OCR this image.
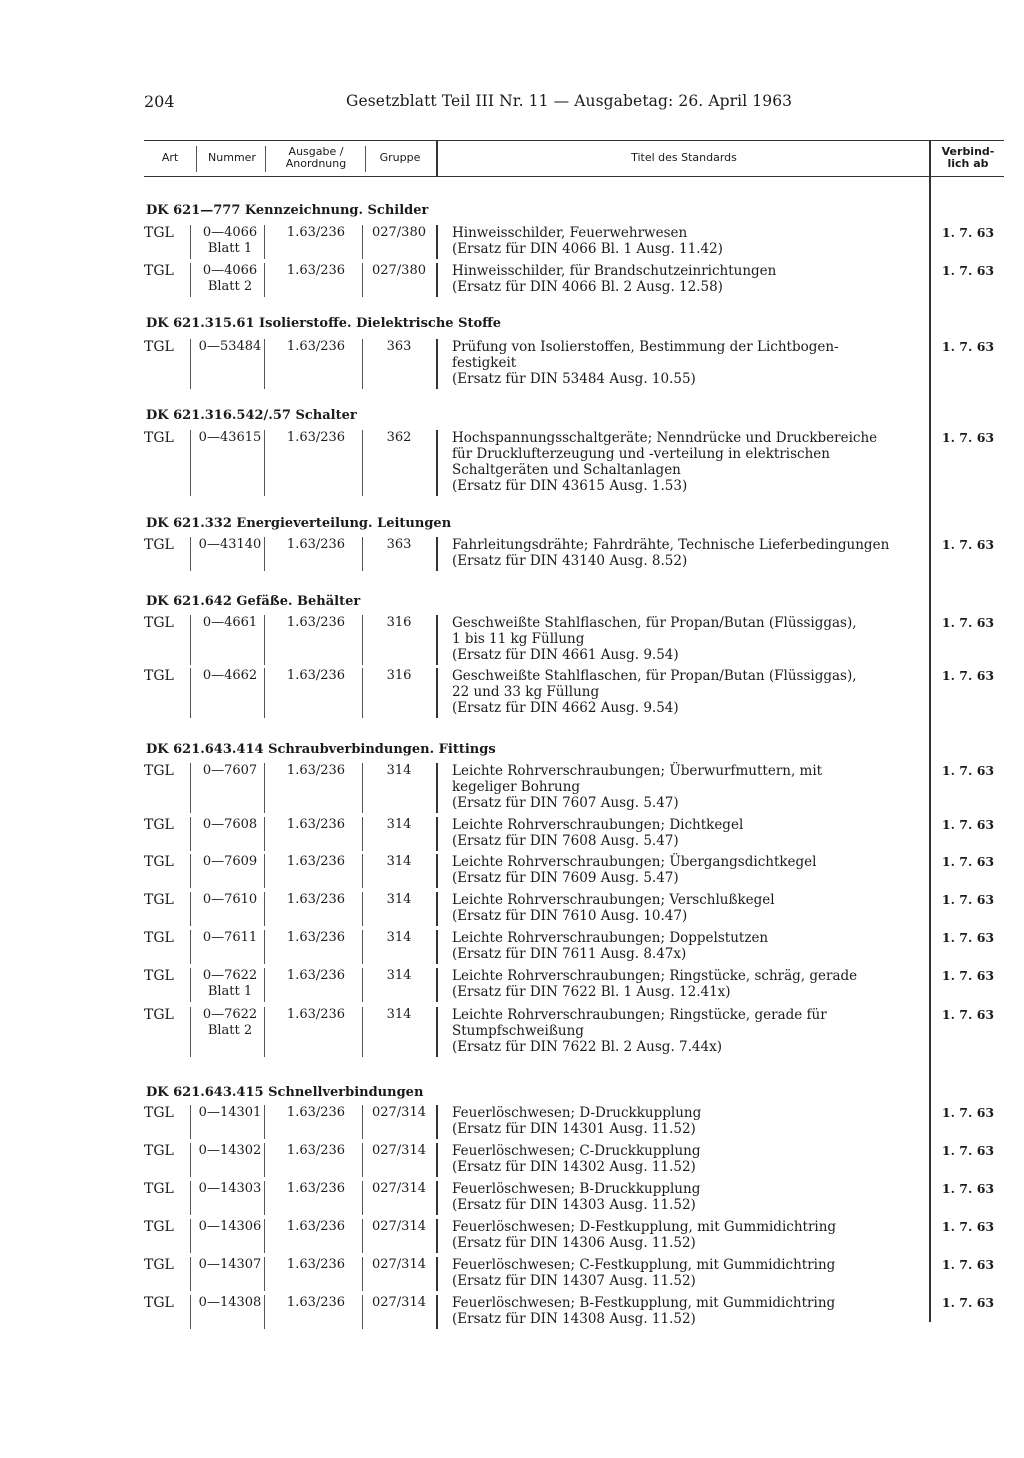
204	Gesetzblatt Teil III Nr. 11 — Ausgabetag: 26. April 1963
Art	Nummer	Ausgabe /
Anordnung	Gruppe	Titel des Standards	Verbind-
lich ab
DK 621—777 Kennzeichnung. Schilder
TGL	0—4066
Blatt 1
1.63/236	027/380 Hinweisschilder, Feuerwehrwesen
(Ersatz für DIN 4066 Bl. 1 Ausg. 11.42)
1. 7. 63
TGL	0—4066
Blatt 2
1.63/236	027/380 Hinweisschilder, für Brandschutzeinrichtungen
(Ersatz für DIN 4066 Bl. 2 Ausg. 12.58)
1. 7. 63
DK 621.315.61 Isolierstoffe. Dielektrische Stoffe
TGL 0—53484	1.63/236	363	Prüfung von Isolierstoffen, Bestimmung der Lichtbogen-
festigkeit
(Ersatz für DIN 53484 Ausg. 10.55)
1. 7. 63
DK 621.316.542/.57 Schalter
TGL 0—43615	1.63/236	362	Hochspannungsschaltgeräte; Nenndrücke und Druckbereiche
für Drucklufterzeugung und -verteilung in elektrischen
Schaltgeräten und Schaltanlagen
(Ersatz für DIN 43615 Ausg. 1.53)
1. 7. 63
DK 621.332 Energieverteilung. Leitungen
TGL 0—43140	1.63/236	363	Fahrleitungsdrähte; Fahrdrähte, Technische Lieferbedingungen
(Ersatz für DIN 43140 Ausg. 8.52)
1. 7. 63
DK 621.642 Gefäße. Behälter
TGL	0—4661	1.63/236	316	Geschweißte Stahlflaschen, für Propan/Butan (Flüssiggas),
1 bis 11 kg Füllung
(Ersatz für DIN 4661 Ausg. 9.54)
1. 7. 63
TGL	0—4662	1.63/236	316	Geschweißte Stahlflaschen, für Propan/Butan (Flüssiggas),
22 und 33 kg Füllung
(Ersatz für DIN 4662 Ausg. 9.54)
1. 7. 63
DK 621.643.414 Schraubverbindungen. Fittings
TGL	0—7607	1.63/236	314	Leichte Rohrverschraubungen; Überwurfmuttern, mit
kegeliger Bohrung
(Ersatz für DIN 7607 Ausg. 5.47)
1. 7. 63
TGL	0—7608	1.63/236	314	Leichte Rohrverschraubungen; Dichtkegel
(Ersatz für DIN 7608 Ausg. 5.47)
1. 7. 63
TGL	0—7609	1.63/236	314	Leichte Rohrverschraubungen; Übergangsdichtkegel
(Ersatz für DIN 7609 Ausg. 5.47)
1. 7. 63
TGL	0—7610	1.63/236	314	Leichte Rohrverschraubungen; Verschlußkegel
(Ersatz für DIN 7610 Ausg. 10.47)
1. 7. 63
TGL	0—7611	1.63/236	314	Leichte Rohrverschraubungen; Doppelstutzen
(Ersatz für DIN 7611 Ausg. 8.47x)
1. 7. 63
TGL	0—7622
Blatt 1
1.63/236	314	Leichte Rohrverschraubungen; Ringstücke, schräg, gerade
(Ersatz für DIN 7622 Bl. 1 Ausg. 12.41x)
1. 7. 63
TGL	0—7622
Blatt 2
1.63/236	314	Leichte Rohrverschraubungen; Ringstücke, gerade für
Stumpfschweißung
(Ersatz für DIN 7622 Bl. 2 Ausg. 7.44x)
1. 7. 63
DK 621.643.415 Schnellverbindungen
TGL 0—14301	1.63/236	027/314 Feuerlöschwesen; D-Druckkupplung
(Ersatz für DIN 14301 Ausg. 11.52)
1. 7. 63
TGL 0—14302	1.63/236	027/314 Feuerlöschwesen; C-Druckkupplung
(Ersatz für DIN 14302 Ausg. 11.52)
1. 7. 63
TGL 0—14303	1.63/236	027/314 Feuerlöschwesen; B-Druckkupplung
(Ersatz für DIN 14303 Ausg. 11.52)
1. 7. 63
TGL 0—14306	1.63/236	027/314 Feuerlöschwesen; D-Festkupplung, mit Gummidichtring
(Ersatz für DIN 14306 Ausg. 11.52)
1. 7. 63
TGL 0—14307	1.63/236	027/314 Feuerlöschwesen; C-Festkupplung, mit Gummidichtring
(Ersatz für DIN 14307 Ausg. 11.52)
1. 7. 63
TGL 0—14308	1.63/236	027/314 Feuerlöschwesen; B-Festkupplung, mit Gummidichtring
(Ersatz für DIN 14308 Ausg. 11.52)
1. 7. 63
